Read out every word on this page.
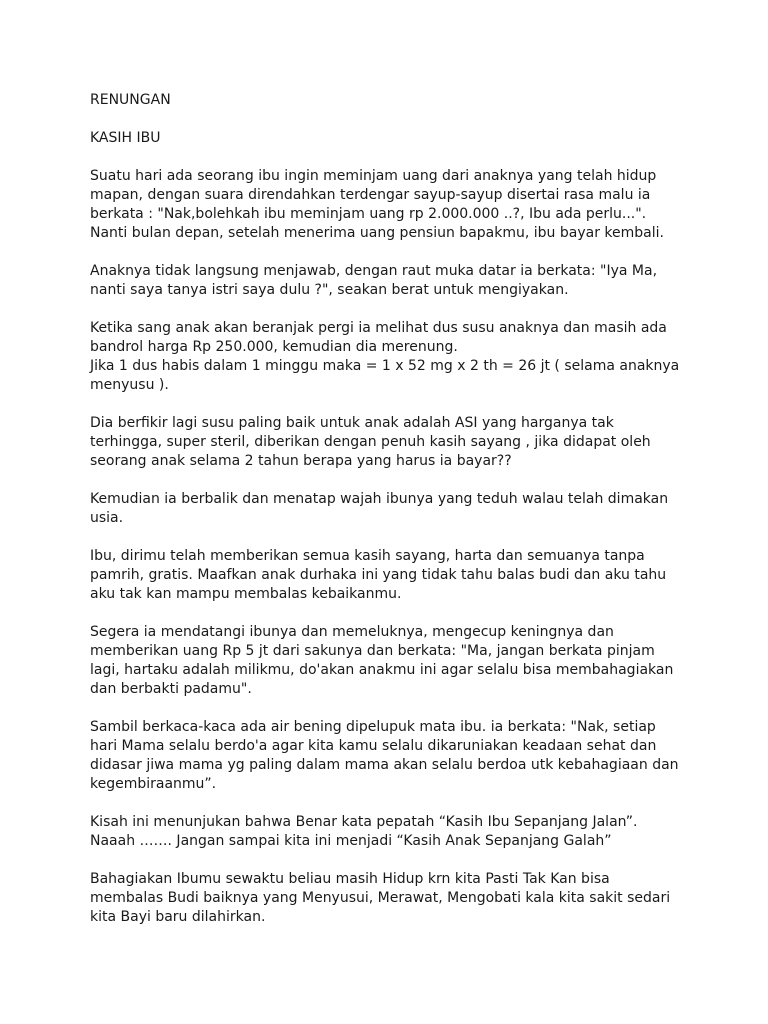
RENUNGAN
KASIH IBU
Suatu hari ada seorang ibu ingin meminjam uang dari anaknya yang telah hidup
mapan, dengan suara direndahkan terdengar sayup-sayup disertai rasa malu ia
berkata : "Nak,bolehkah ibu meminjam uang rp 2.000.000 ..?, Ibu ada perlu...".
Nanti bulan depan, setelah menerima uang pensiun bapakmu, ibu bayar kembali.
Anaknya tidak langsung menjawab, dengan raut muka datar ia berkata: "Iya Ma,
nanti saya tanya istri saya dulu ?", seakan berat untuk mengiyakan.
Ketika sang anak akan beranjak pergi ia melihat dus susu anaknya dan masih ada
bandrol harga Rp 250.000, kemudian dia merenung.
Jika 1 dus habis dalam 1 minggu maka = 1 x 52 mg x 2 th = 26 jt ( selama anaknya
menyusu ).
Dia berfikir lagi susu paling baik untuk anak adalah ASI yang harganya tak
terhingga, super steril, diberikan dengan penuh kasih sayang , jika didapat oleh
seorang anak selama 2 tahun berapa yang harus ia bayar??
Kemudian ia berbalik dan menatap wajah ibunya yang teduh walau telah dimakan
usia.
Ibu, dirimu telah memberikan semua kasih sayang, harta dan semuanya tanpa
pamrih, gratis. Maafkan anak durhaka ini yang tidak tahu balas budi dan aku tahu
aku tak kan mampu membalas kebaikanmu.
Segera ia mendatangi ibunya dan memeluknya, mengecup keningnya dan
memberikan uang Rp 5 jt dari sakunya dan berkata: "Ma, jangan berkata pinjam
lagi, hartaku adalah milikmu, do'akan anakmu ini agar selalu bisa membahagiakan
dan berbakti padamu".
Sambil berkaca-kaca ada air bening dipelupuk mata ibu. ia berkata: "Nak, setiap
hari Mama selalu berdo'a agar kita kamu selalu dikaruniakan keadaan sehat dan
didasar jiwa mama yg paling dalam mama akan selalu berdoa utk kebahagiaan dan
kegembiraanmu”.
Kisah ini menunjukan bahwa Benar kata pepatah “Kasih Ibu Sepanjang Jalan”.
Naaah ……. Jangan sampai kita ini menjadi “Kasih Anak Sepanjang Galah”
Bahagiakan Ibumu sewaktu beliau masih Hidup krn kita Pasti Tak Kan bisa
membalas Budi baiknya yang Menyusui, Merawat, Mengobati kala kita sakit sedari
kita Bayi baru dilahirkan.
